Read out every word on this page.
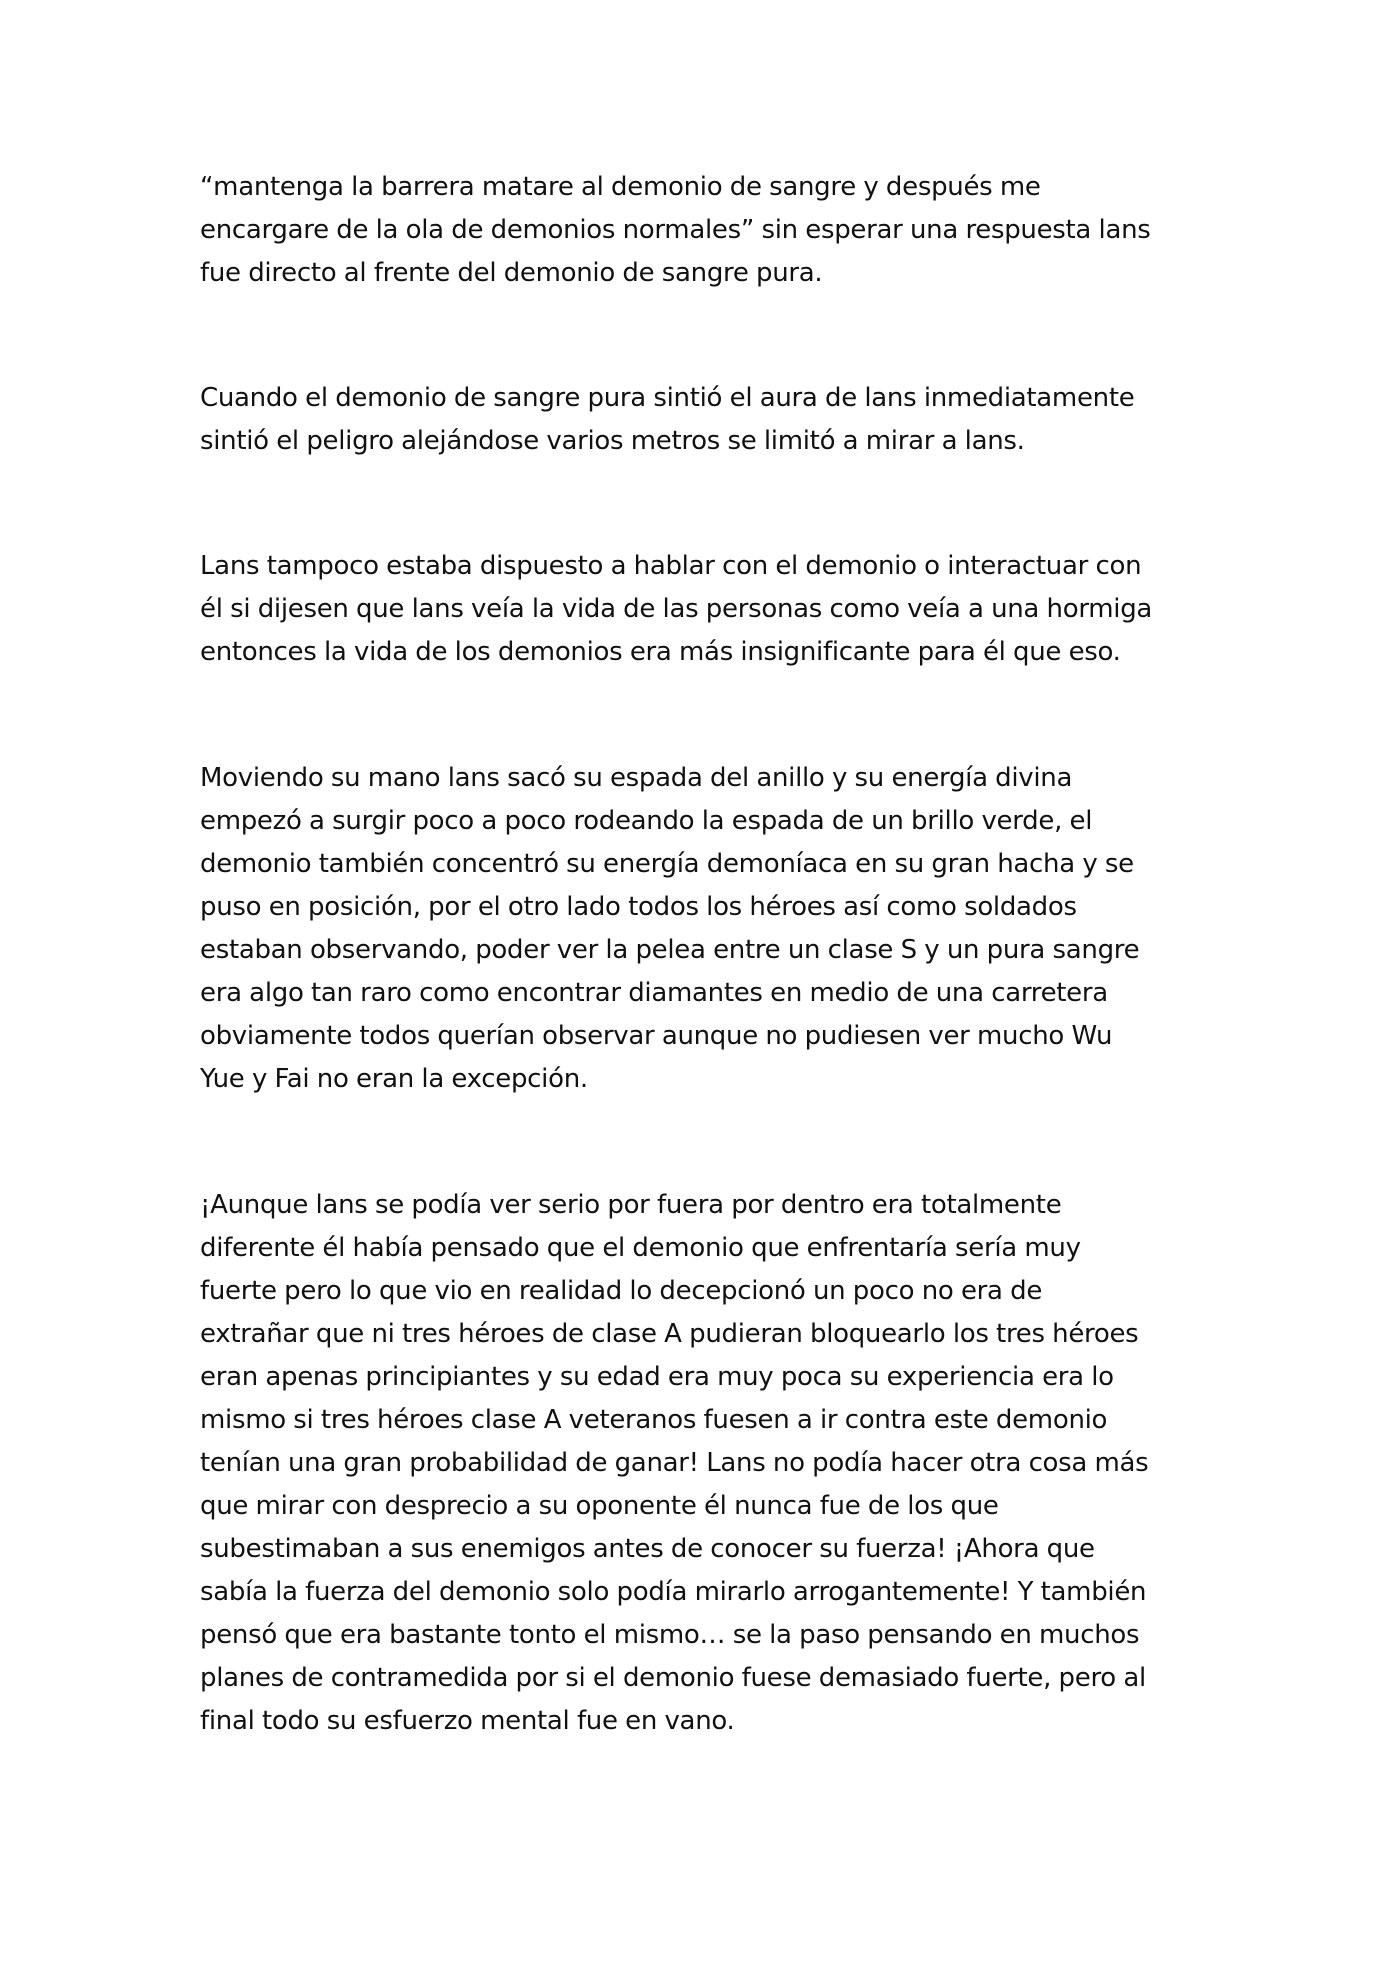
“mantenga la barrera matare al demonio de sangre y después me
encargare de la ola de demonios normales” sin esperar una respuesta lans
fue directo al frente del demonio de sangre pura.

Cuando el demonio de sangre pura sintió el aura de lans inmediatamente
sintió el peligro alejándose varios metros se limitó a mirar a lans.

Lans tampoco estaba dispuesto a hablar con el demonio o interactuar con
él si dijesen que lans veía la vida de las personas como veía a una hormiga
entonces la vida de los demonios era más insignificante para él que eso.

Moviendo su mano lans sacó su espada del anillo y su energía divina
empezó a surgir poco a poco rodeando la espada de un brillo verde, el
demonio también concentró su energía demoníaca en su gran hacha y se
puso en posición, por el otro lado todos los héroes así como soldados
estaban observando, poder ver la pelea entre un clase S y un pura sangre
era algo tan raro como encontrar diamantes en medio de una carretera
obviamente todos querían observar aunque no pudiesen ver mucho Wu
Yue y Fai no eran la excepción.

¡Aunque lans se podía ver serio por fuera por dentro era totalmente
diferente él había pensado que el demonio que enfrentaría sería muy
fuerte pero lo que vio en realidad lo decepcionó un poco no era de
extrañar que ni tres héroes de clase A pudieran bloquearlo los tres héroes
eran apenas principiantes y su edad era muy poca su experiencia era lo
mismo si tres héroes clase A veteranos fuesen a ir contra este demonio
tenían una gran probabilidad de ganar! Lans no podía hacer otra cosa más
que mirar con desprecio a su oponente él nunca fue de los que
subestimaban a sus enemigos antes de conocer su fuerza! ¡Ahora que
sabía la fuerza del demonio solo podía mirarlo arrogantemente! Y también
pensó que era bastante tonto el mismo… se la paso pensando en muchos
planes de contramedida por si el demonio fuese demasiado fuerte, pero al
final todo su esfuerzo mental fue en vano.
